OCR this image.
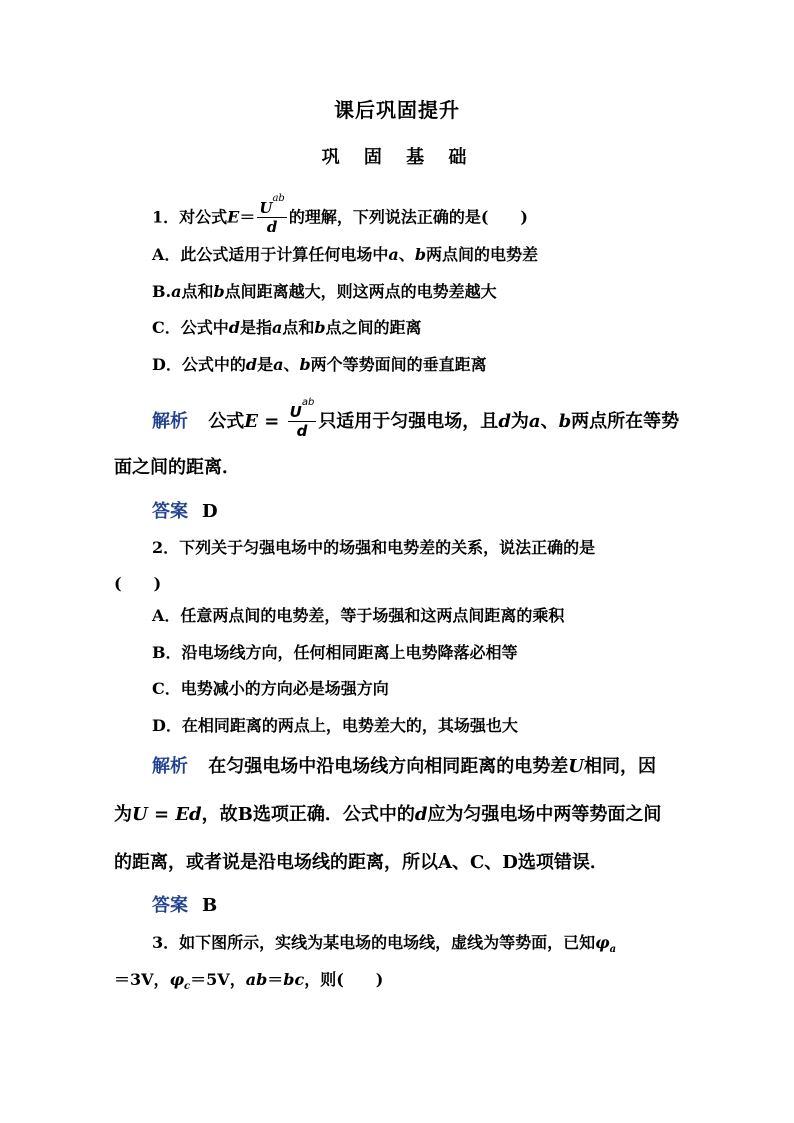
课后巩固提升
巩 固 基 础
1．对公式$E= \frac{U^{ab}}{d}$ 的理解，下列说法正确的是(　　)
A．此公式适用于计算任何电场中a、b两点间的电势差
B.a点和b点间距离越大，则这两点的电势差越大
C．公式中d是指a点和b点之间的距离
D．公式中的d是a、b两个等势面间的垂直距离
解析 公式$E = \frac{U^{ab}}{d}$ 只适用于匀强电场，且d为a、b两点所在等势
面之间的距离．
答案 D
2．下列关于匀强电场中的场强和电势差的关系，说法正确的是
(　　)
A．任意两点间的电势差，等于场强和这两点间距离的乘积
B．沿电场线方向，任何相同距离上电势降落必相等
C．电势减小的方向必是场强方向
D．在相同距离的两点上，电势差大的，其场强也大
解析 在匀强电场中沿电场线方向相同距离的电势差U相同，因
为U = Ed，故B选项正确．公式中的d应为匀强电场中两等势面之间
的距离，或者说是沿电场线的距离，所以A、C、D选项错误．
答案 B
3．如下图所示，实线为某电场的电场线，虚线为等势面，已知$\varphi_a$
＝3V，$\varphi_c=5V$，ab＝bc，则(　　)
